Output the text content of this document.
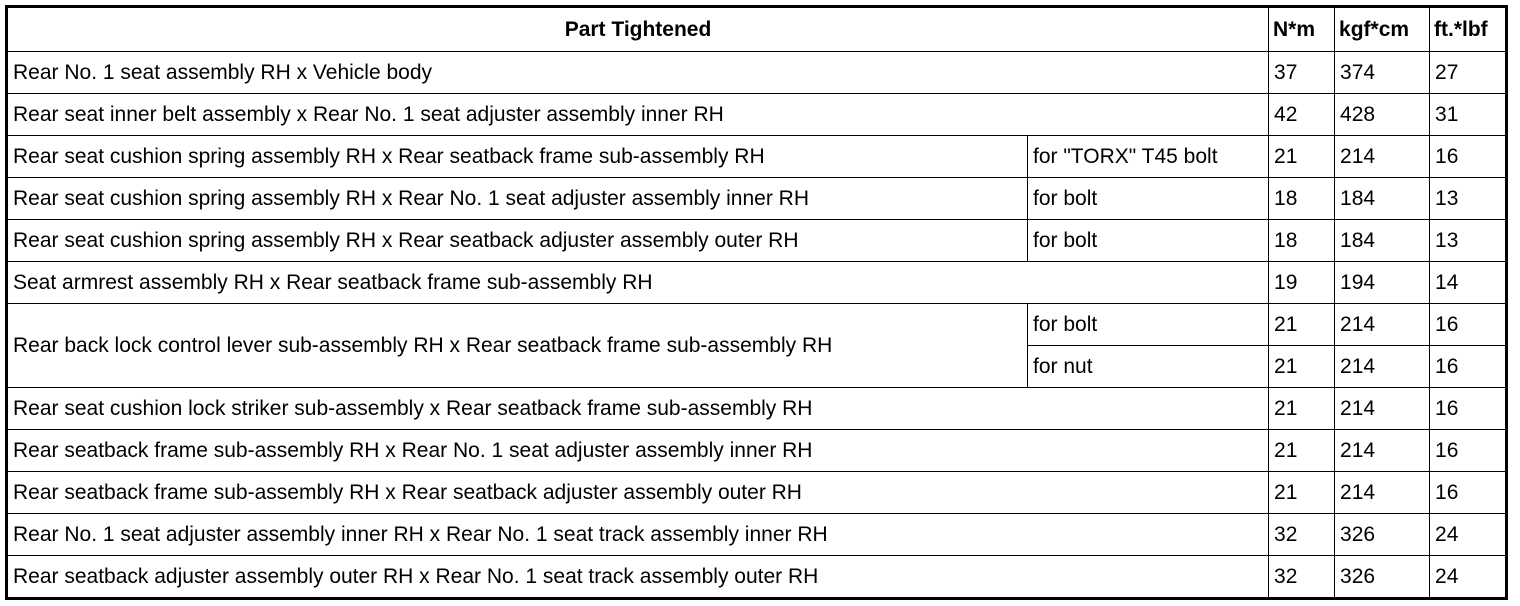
Part Tightened		N*m	kgf*cm	ft.*lbf
Rear No. 1 seat assembly RH x Vehicle body		37	374	27
Rear seat inner belt assembly x Rear No. 1 seat adjuster assembly inner RH		42	428	31
Rear seat cushion spring assembly RH x Rear seatback frame sub-assembly RH	for "TORX" T45 bolt	21	214	16
Rear seat cushion spring assembly RH x Rear No. 1 seat adjuster assembly inner RH	for bolt	18	184	13
Rear seat cushion spring assembly RH x Rear seatback adjuster assembly outer RH	for bolt	18	184	13
Seat armrest assembly RH x Rear seatback frame sub-assembly RH		19	194	14
Rear back lock control lever sub-assembly RH x Rear seatback frame sub-assembly RH	for bolt	21	214	16
	for nut	21	214	16
Rear seat cushion lock striker sub-assembly x Rear seatback frame sub-assembly RH		21	214	16
Rear seatback frame sub-assembly RH x Rear No. 1 seat adjuster assembly inner RH		21	214	16
Rear seatback frame sub-assembly RH x Rear seatback adjuster assembly outer RH		21	214	16
Rear No. 1 seat adjuster assembly inner RH x Rear No. 1 seat track assembly inner RH		32	326	24
Rear seatback adjuster assembly outer RH x Rear No. 1 seat track assembly outer RH		32	326	24
